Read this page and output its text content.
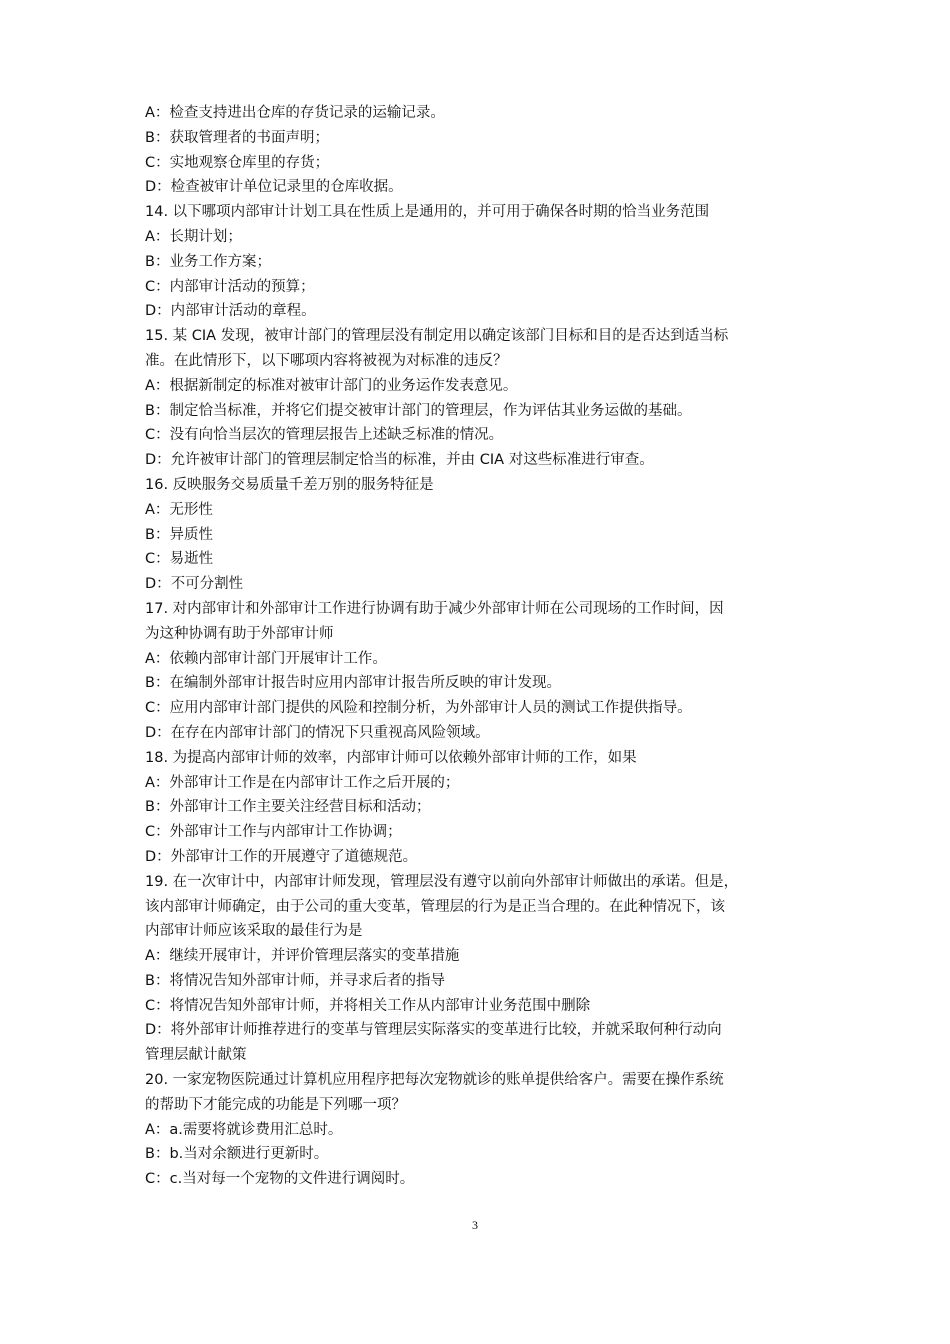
A：检查支持进出仓库的存货记录的运输记录。
B：获取管理者的书面声明；
C：实地观察仓库里的存货；
D：检查被审计单位记录里的仓库收据。
14. 以下哪项内部审计计划工具在性质上是通用的，并可用于确保各时期的恰当业务范围
A：长期计划；
B：业务工作方案；
C：内部审计活动的预算；
D：内部审计活动的章程。
15. 某 CIA 发现，被审计部门的管理层没有制定用以确定该部门目标和目的是否达到适当标
准。在此情形下，以下哪项内容将被视为对标准的违反？
A：根据新制定的标准对被审计部门的业务运作发表意见。
B：制定恰当标准，并将它们提交被审计部门的管理层，作为评估其业务运做的基础。
C：没有向恰当层次的管理层报告上述缺乏标准的情况。
D：允许被审计部门的管理层制定恰当的标准，并由 CIA 对这些标准进行审查。
16. 反映服务交易质量千差万别的服务特征是
A：无形性
B：异质性
C：易逝性
D：不可分割性
17. 对内部审计和外部审计工作进行协调有助于减少外部审计师在公司现场的工作时间，因
为这种协调有助于外部审计师
A：依赖内部审计部门开展审计工作。
B：在编制外部审计报告时应用内部审计报告所反映的审计发现。
C：应用内部审计部门提供的风险和控制分析，为外部审计人员的测试工作提供指导。
D：在存在内部审计部门的情况下只重视高风险领域。
18. 为提高内部审计师的效率，内部审计师可以依赖外部审计师的工作，如果
A：外部审计工作是在内部审计工作之后开展的；
B：外部审计工作主要关注经营目标和活动；
C：外部审计工作与内部审计工作协调；
D：外部审计工作的开展遵守了道德规范。
19. 在一次审计中，内部审计师发现，管理层没有遵守以前向外部审计师做出的承诺。但是，
该内部审计师确定，由于公司的重大变革，管理层的行为是正当合理的。在此种情况下，该
内部审计师应该采取的最佳行为是
A：继续开展审计，并评价管理层落实的变革措施
B：将情况告知外部审计师，并寻求后者的指导
C：将情况告知外部审计师，并将相关工作从内部审计业务范围中删除
D：将外部审计师推荐进行的变革与管理层实际落实的变革进行比较，并就采取何种行动向
管理层献计献策
20. 一家宠物医院通过计算机应用程序把每次宠物就诊的账单提供给客户。需要在操作系统
的帮助下才能完成的功能是下列哪一项？
A：a.需要将就诊费用汇总时。
B：b.当对余额进行更新时。
C：c.当对每一个宠物的文件进行调阅时。
3
